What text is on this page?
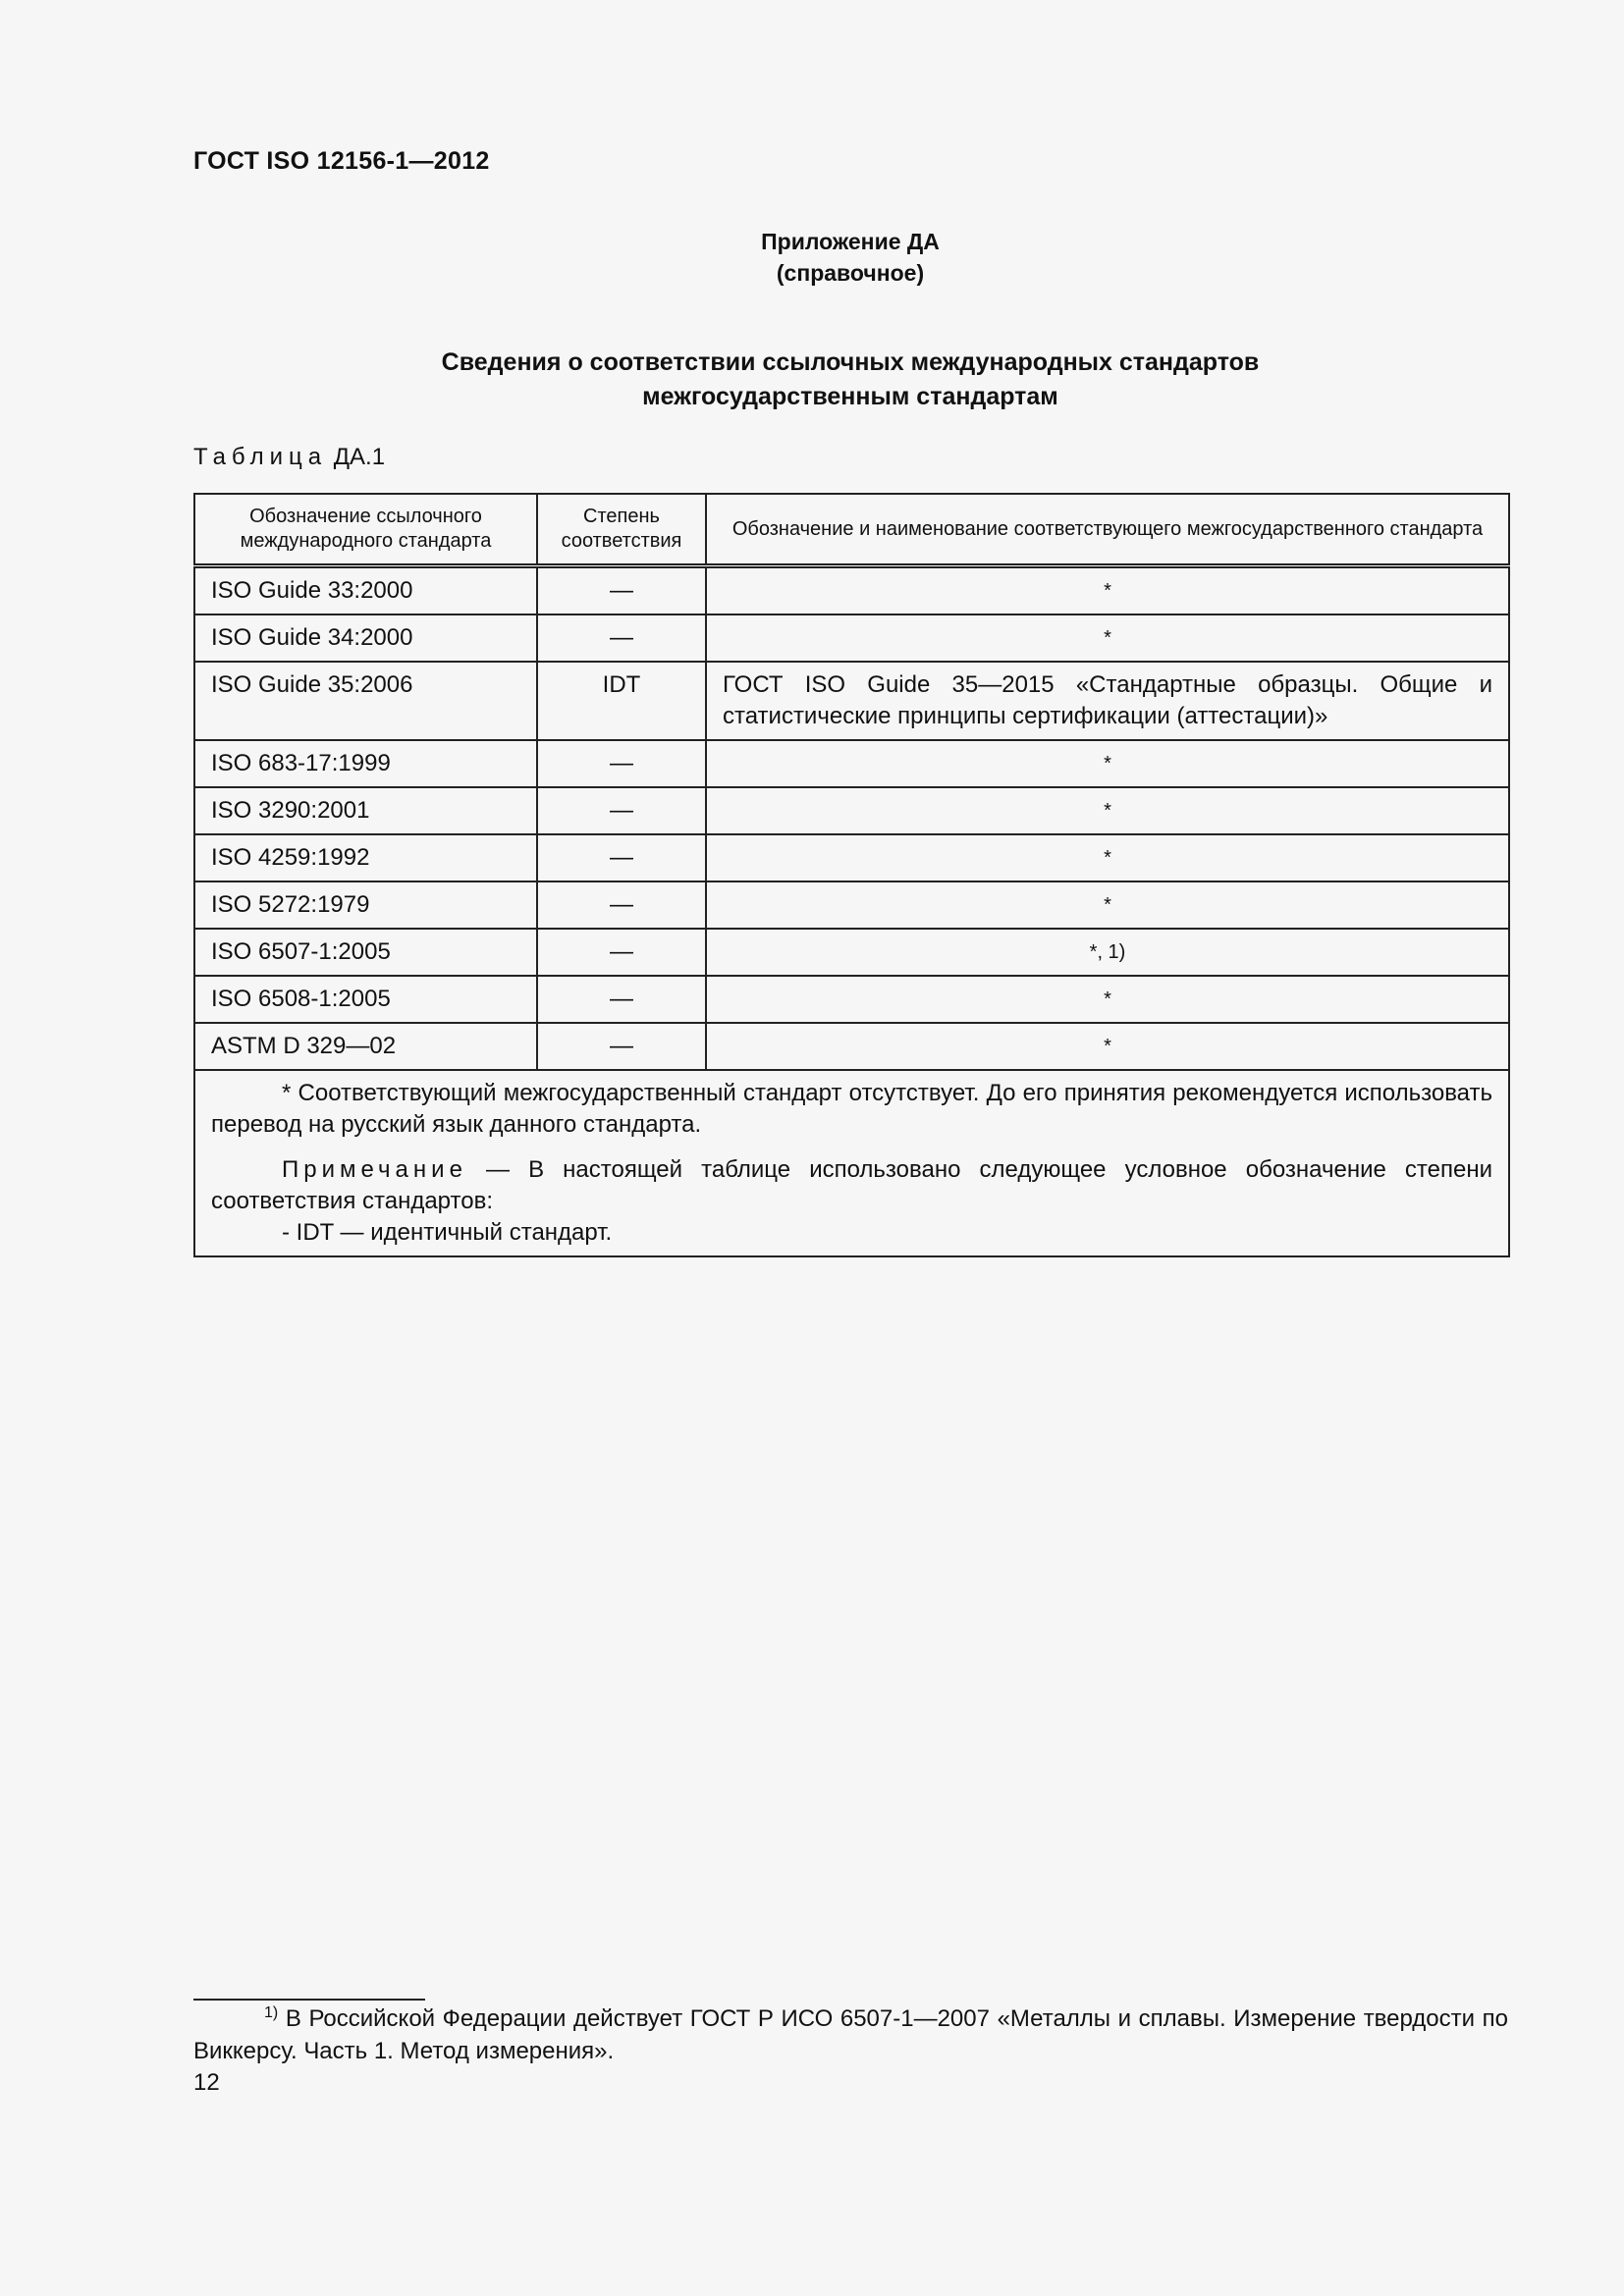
ГОСТ ISO 12156-1—2012
Приложение ДА
(справочное)
Сведения о соответствии ссылочных международных стандартов
межгосударственным стандартам
Таблица ДА.1
Обозначение ссылочного международного стандарта	Степень соответствия	Обозначение и наименование соответствующего межгосударственного стандарта
ISO Guide 33:2000	—	*
ISO Guide 34:2000	—	*
ISO Guide 35:2006	IDT	ГОСТ ISO Guide 35—2015 «Стандартные образцы. Общие и статистические принципы сертификации (аттестации)»
ISO 683-17:1999	—	*
ISO 3290:2001	—	*
ISO 4259:1992	—	*
ISO 5272:1979	—	*
ISO 6507-1:2005	—	*, 1)
ISO 6508-1:2005	—	*
ASTM D 329—02	—	*

* Соответствующий межгосударственный стандарт отсутствует. До его принятия рекомендуется использовать перевод на русский язык данного стандарта.

Примечание — В настоящей таблице использовано следующее условное обозначение степени соответствия стандартов:

- IDT — идентичный стандарт.		

$^{1)}$ В Российской Федерации действует ГОСТ Р ИСО 6507-1—2007 «Металлы и сплавы. Измерение твердости по Виккерсу. Часть 1. Метод измерения».
12
